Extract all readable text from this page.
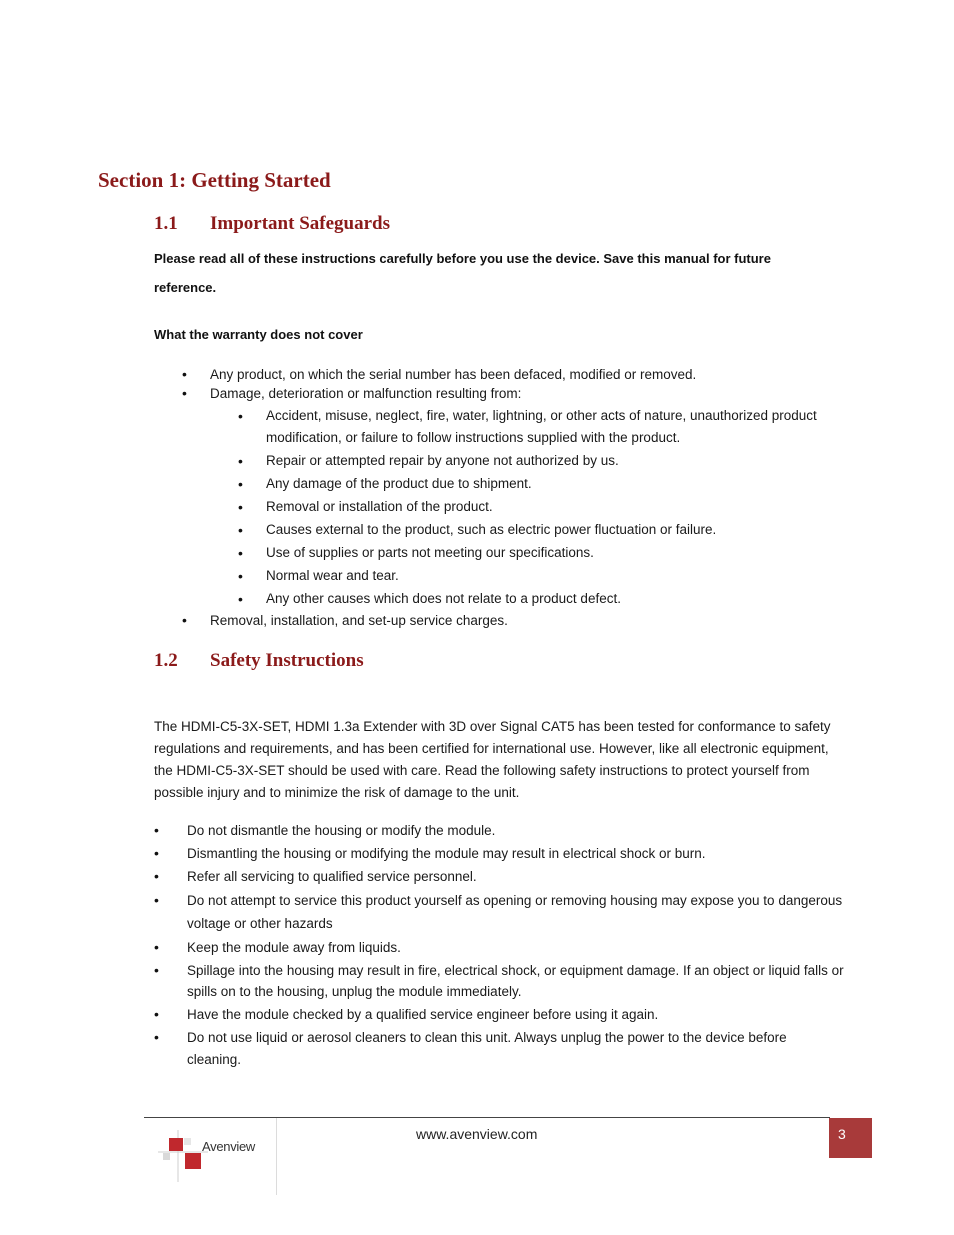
Section 1: Getting Started
1.1 Important Safeguards
Please read all of these instructions carefully before you use the device. Save this manual for future reference.
What the warranty does not cover
• Any product, on which the serial number has been defaced, modified or removed.
• Damage, deterioration or malfunction resulting from:
• Accident, misuse, neglect, fire, water, lightning, or other acts of nature, unauthorized product modification, or failure to follow instructions supplied with the product.
• Repair or attempted repair by anyone not authorized by us.
• Any damage of the product due to shipment.
• Removal or installation of the product.
• Causes external to the product, such as electric power fluctuation or failure.
• Use of supplies or parts not meeting our specifications.
• Normal wear and tear.
• Any other causes which does not relate to a product defect.
• Removal, installation, and set-up service charges.
1.2 Safety Instructions

The HDMI-C5-3X-SET, HDMI 1.3a Extender with 3D over Signal CAT5 has been tested for conformance to safety regulations and requirements, and has been certified for international use. However, like all electronic equipment, the HDMI-C5-3X-SET should be used with care. Read the following safety instructions to protect yourself from possible injury and to minimize the risk of damage to the unit.

• Do not dismantle the housing or modify the module.
• Dismantling the housing or modifying the module may result in electrical shock or burn.
• Refer all servicing to qualified service personnel.
• Do not attempt to service this product yourself as opening or removing housing may expose you to dangerous voltage or other hazards
• Keep the module away from liquids.
• Spillage into the housing may result in fire, electrical shock, or equipment damage. If an object or liquid falls or spills on to the housing, unplug the module immediately.
• Have the module checked by a qualified service engineer before using it again.
• Do not use liquid or aerosol cleaners to clean this unit. Always unplug the power to the device before cleaning.
Avenview
www.avenview.com	3
